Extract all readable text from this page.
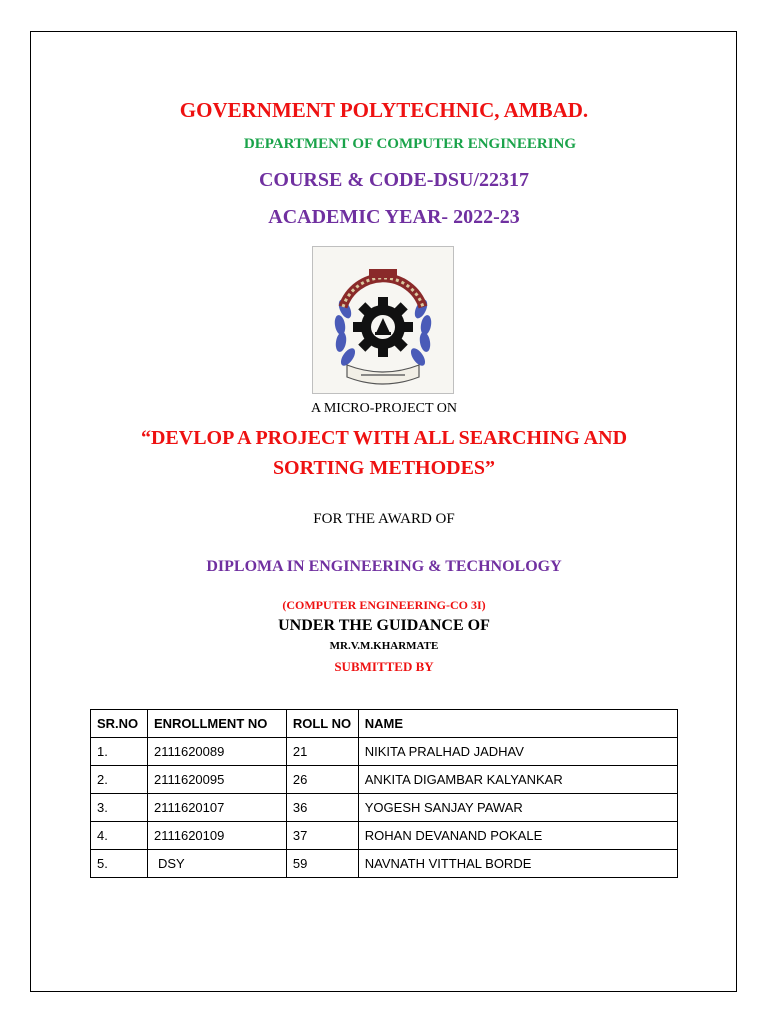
GOVERNMENT POLYTECHNIC, AMBAD.
DEPARTMENT OF COMPUTER ENGINEERING
COURSE & CODE-DSU/22317
ACADEMIC YEAR- 2022-23
A MICRO-PROJECT ON
“DEVLOP A PROJECT WITH ALL SEARCHING AND
SORTING METHODES”
FOR THE AWARD OF
DIPLOMA IN ENGINEERING & TECHNOLOGY
(COMPUTER ENGINEERING-CO 3I)
UNDER THE GUIDANCE OF
MR.V.M.KHARMATE
SUBMITTED BY
SR.NO	ENROLLMENT NO	ROLL NO	NAME
1.	2111620089	21	NIKITA PRALHAD JADHAV
2.	2111620095	26	ANKITA DIGAMBAR KALYANKAR
3.	2111620107	36	YOGESH SANJAY PAWAR
4.	2111620109	37	ROHAN DEVANAND POKALE
5.	DSY	59	NAVNATH VITTHAL BORDE
